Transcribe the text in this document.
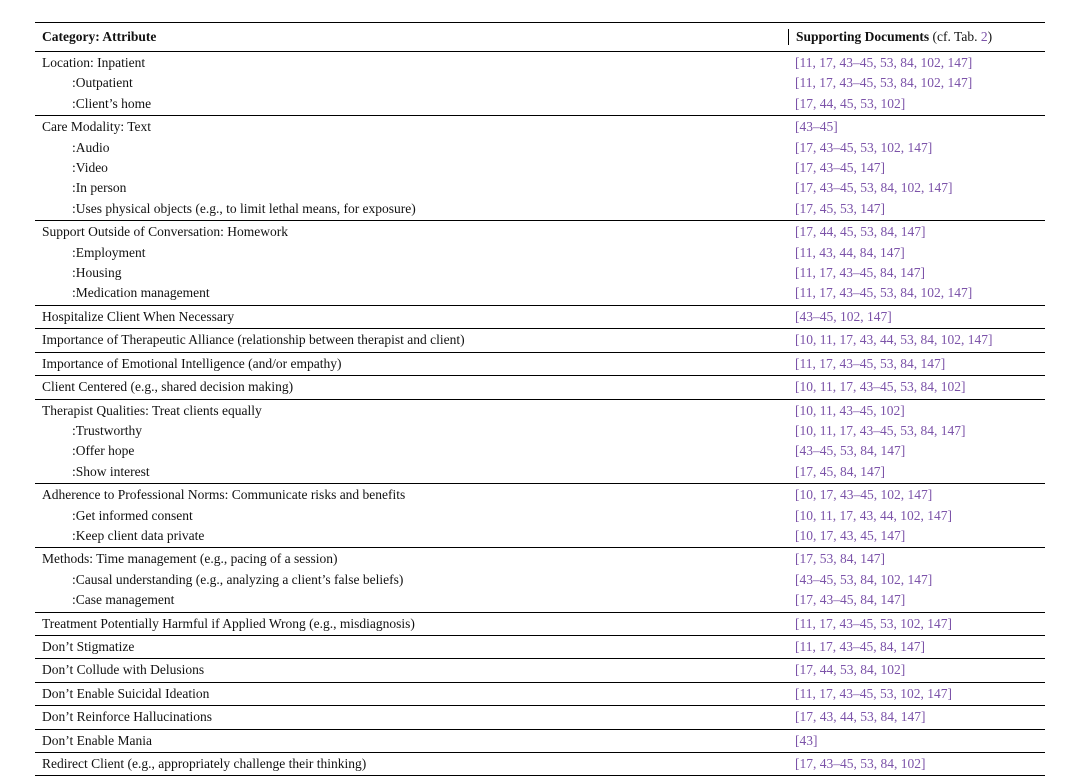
Category: Attribute	Supporting Documents (cf. Tab. 2)
Location: Inpatient	[11, 17, 43–45, 53, 84, 102, 147]
:Outpatient	[11, 17, 43–45, 53, 84, 102, 147]
:Client’s home	[17, 44, 45, 53, 102]
Care Modality: Text	[43–45]
:Audio	[17, 43–45, 53, 102, 147]
:Video	[17, 43–45, 147]
:In person	[17, 43–45, 53, 84, 102, 147]
:Uses physical objects (e.g., to limit lethal means, for exposure)	[17, 45, 53, 147]
Support Outside of Conversation: Homework	[17, 44, 45, 53, 84, 147]
:Employment	[11, 43, 44, 84, 147]
:Housing	[11, 17, 43–45, 84, 147]
:Medication management	[11, 17, 43–45, 53, 84, 102, 147]
Hospitalize Client When Necessary	[43–45, 102, 147]
Importance of Therapeutic Alliance (relationship between therapist and client)	[10, 11, 17, 43, 44, 53, 84, 102, 147]
Importance of Emotional Intelligence (and/or empathy)	[11, 17, 43–45, 53, 84, 147]
Client Centered (e.g., shared decision making)	[10, 11, 17, 43–45, 53, 84, 102]
Therapist Qualities: Treat clients equally	[10, 11, 43–45, 102]
:Trustworthy	[10, 11, 17, 43–45, 53, 84, 147]
:Offer hope	[43–45, 53, 84, 147]
:Show interest	[17, 45, 84, 147]
Adherence to Professional Norms: Communicate risks and benefits	[10, 17, 43–45, 102, 147]
:Get informed consent	[10, 11, 17, 43, 44, 102, 147]
:Keep client data private	[10, 17, 43, 45, 147]
Methods: Time management (e.g., pacing of a session)	[17, 53, 84, 147]
:Causal understanding (e.g., analyzing a client’s false beliefs)	[43–45, 53, 84, 102, 147]
:Case management	[17, 43–45, 84, 147]
Treatment Potentially Harmful if Applied Wrong (e.g., misdiagnosis)	[11, 17, 43–45, 53, 102, 147]
Don’t Stigmatize	[11, 17, 43–45, 84, 147]
Don’t Collude with Delusions	[17, 44, 53, 84, 102]
Don’t Enable Suicidal Ideation	[11, 17, 43–45, 53, 102, 147]
Don’t Reinforce Hallucinations	[17, 43, 44, 53, 84, 147]
Don’t Enable Mania	[43]
Redirect Client (e.g., appropriately challenge their thinking)	[17, 43–45, 53, 84, 102]
